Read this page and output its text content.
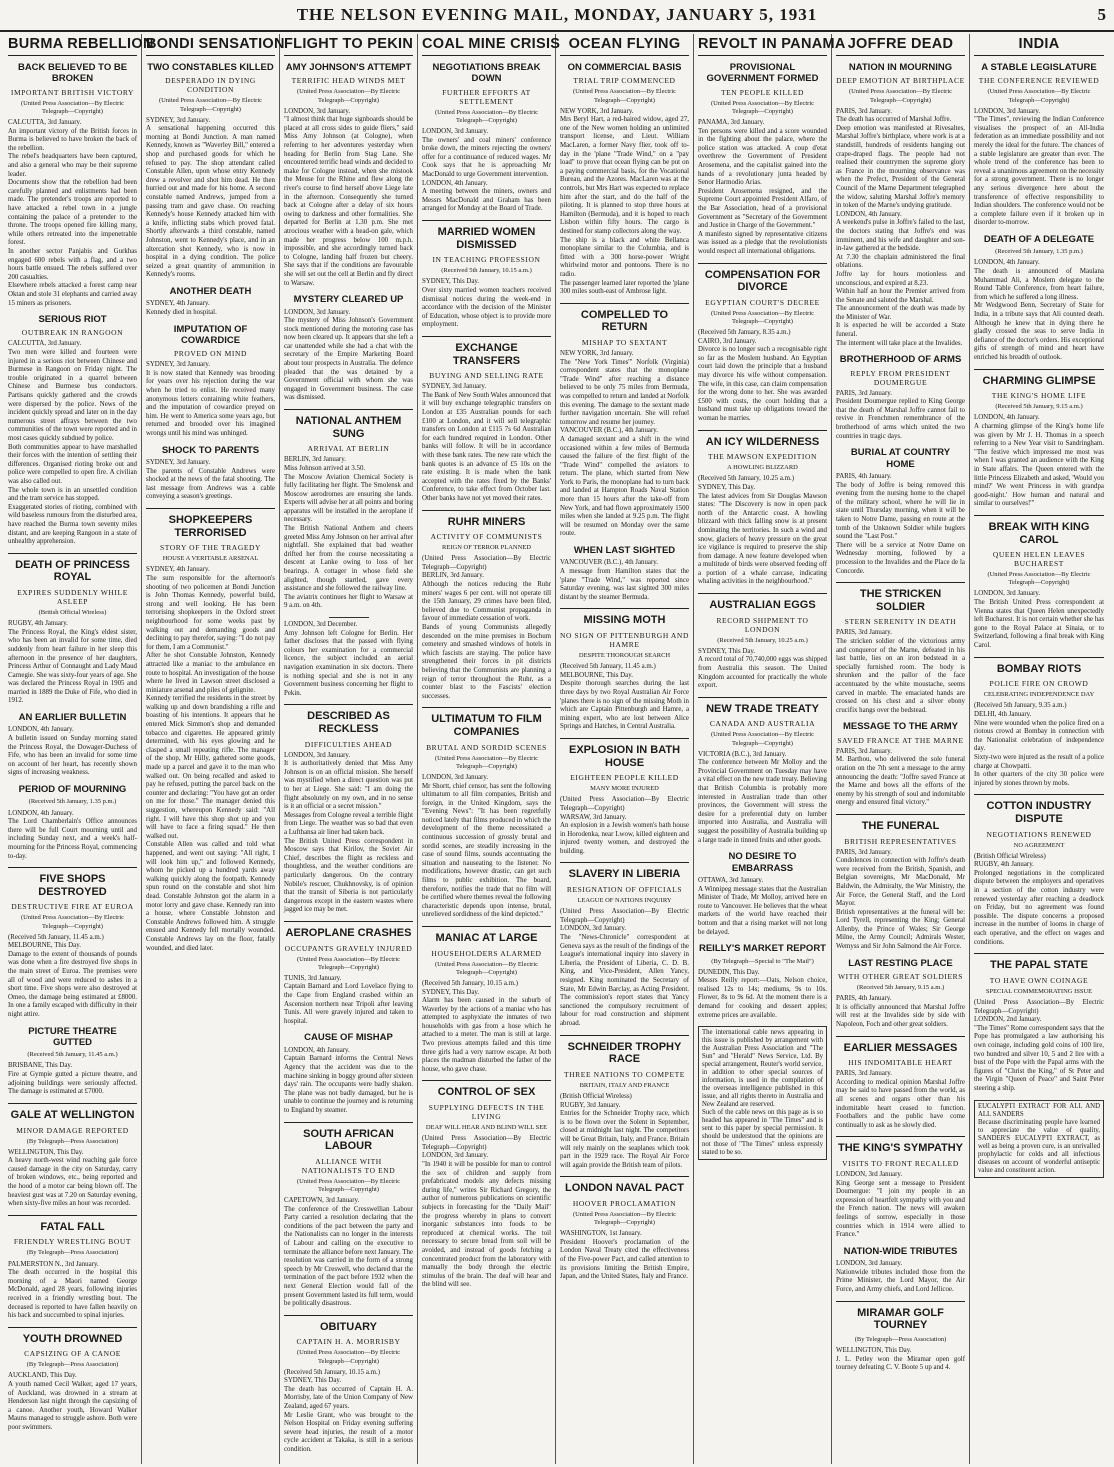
THE NELSON EVENING MAIL, MONDAY, JANUARY 5, 1931	5
BURMA REBELLION
BACK BELIEVED TO BE BROKEN
IMPORTANT BRITISH VICTORY
(United Press Association—By Electric Telegraph—Copyright)

CALCUTTA, 3rd January.
An important victory of the British forces in Burma is believed to have broken the back of the rebellion.
The rebel's headquarters have been captured, and also a general who may be their supreme leader.
Documents show that the rebellion had been carefully planned and enlistments had been made. The pretender's troops are reported to have attacked a rebel town in a jungle containing the palace of a pretender to the throne. The troops opened fire killing many, while others retreated into the impenetrable forest.
In another sector Panjabis and Gurkhas engaged 600 rebels with a flag, and a two hours battle ensued. The rebels suffered over 200 casualties.
Elsewhere rebels attacked a forest camp near Oktan and stole 31 elephants and carried away 15 miners as prisoners.

SERIOUS RIOT
OUTBREAK IN RANGOON

CALCUTTA, 3rd January.
Two men were killed and fourteen were injured in a serious riot between Chinese and Burmese in Rangoon on Friday night. The trouble originated in a quarrel between Chinese and Burmese bus conductors. Partisans quickly gathered and the crowds were dispersed by the police. News of the incident quickly spread and later on in the day numerous street affrays between the two communities of the town were reported and in most cases quickly subdued by police.
Both communities appear to have marshalled their forces with the intention of settling their differences. Organised rioting broke out and police were compelled to open fire. A civilian was also called out.
The whole town is in an unsettled condition and the tram service has stopped.
Exaggerated stories of rioting, combined with wild baseless rumours from the disturbed area, have reached the Burma town seventy miles distant, and are keeping Rangoon in a state of unhealthy apprehension.

DEATH OF PRINCESS ROYAL
EXPIRES SUDDENLY WHILE ASLEEP
(British Official Wireless)

RUGBY, 4th January.
The Princess Royal, the King's eldest sister, who has been an invalid for some time, died suddenly from heart failure in her sleep this afternoon in the presence of her daughters, Princess Arthur of Connaught and Lady Maud Carnegie. She was sixty-four years of age. She was declared the Princess Royal in 1905 and married in 1889 the Duke of Fife, who died in 1912.

AN EARLIER BULLETIN

LONDON, 4th January.
A bulletin issued on Sunday morning stated the Princess Royal, the Dowager-Duchess of Fife, who has been an invalid for some time on account of her heart, has recently shown signs of increasing weakness.

PERIOD OF MOURNING
(Received 5th January, 1.35 p.m.)

LONDON, 4th January.
The Lord Chamberlain's Office announces there will be full Court mourning until and including Sunday next, and a week's half-mourning for the Princess Royal, commencing to-day.

FIVE SHOPS DESTROYED
DESTRUCTIVE FIRE AT EUROA
(United Press Association—By Electric Telegraph—Copyright)

(Received 5th January, 11.45 a.m.)
MELBOURNE, This Day.
Damage to the extent of thousands of pounds was done when a fire destroyed five shops in the main street of Euroa. The premises were all of wood and were reduced to ashes in a short time. Five shops were also destroyed at Omeo, the damage being estimated at £8000. In one a family escaped with difficulty in their night attire.

PICTURE THEATRE GUTTED
(Received 5th January, 11.45 a.m.)

BRISBANE, This Day.
Fire at Gympie gutted a picture theatre, and adjoining buildings were seriously affected. The damage is estimated at £7000.

GALE AT WELLINGTON
MINOR DAMAGE REPORTED
(By Telegraph—Press Association)

WELLINGTON, This Day.
A heavy north-west wind reaching gale force caused damage in the city on Saturday, carry of broken windows, etc., being reported and the hood of a motor car being blown off. The heaviest gust was at 7.20 on Saturday evening, when sixty-five miles an hour was recorded.

FATAL FALL
FRIENDLY WRESTLING BOUT
(By Telegraph—Press Association)

PALMERSTON N., 3rd January.
The death occurred in the hospital this morning of a Maori named George McDonald, aged 28 years, following injuries received in a friendly wrestling bout. The deceased is reported to have fallen heavily on his back and succumbed to spinal injuries.

YOUTH DROWNED
CAPSIZING OF A CANOE
(By Telegraph—Press Association)

AUCKLAND, This Day.
A youth named Cecil Walker, aged 17 years, of Auckland, was drowned in a stream at Henderson last night through the capsizing of a canoe. Another youth, Howard Walker Mauns managed to struggle ashore. Both were poor swimmers.

BONDI SENSATION
TWO CONSTABLES KILLED
DESPERADO IN DYING CONDITION
(United Press Association—By Electric Telegraph—Copyright)

SYDNEY, 3rd January.
A sensational happening occurred this morning at Bondi Junction. A man named Kennedy, known as "Waverley Bill," entered a shop and purchased goods for which he refused to pay. The shop attendant called Constable Allen, upon whose entry Kennedy drew a revolver and shot him dead. He then hurried out and made for his home. A second constable named Andrews, jumped from a passing tram and gave chase. On reaching Kennedy's house Kennedy attacked him with a knife, inflicting stabs which proved fatal. Shortly afterwards a third constable, named Johnston, went to Kennedy's place, and in an altercation shot Kennedy, who is now in hospital in a dying condition. The police seized a great quantity of ammunition in Kennedy's rooms.

ANOTHER DEATH

SYDNEY, 4th January.
Kennedy died in hospital.

IMPUTATION OF COWARDICE
PROVED ON MIND

SYDNEY, 3rd January.
It is now stated that Kennedy was brooding for years over his rejection during the war when he tried to enlist. He received many anonymous letters containing white feathers, and the imputation of cowardice preyed on him. He went to America some years ago, but returned and brooded over his imagined wrongs until his mind was unhinged.

SHOCK TO PARENTS

SYDNEY, 3rd January.
The parents of Constable Andrews were shocked at the news of the fatal shooting. The last message from Andrews was a cable conveying a season's greetings.

SHOPKEEPERS TERRORISED
STORY OF THE TRAGEDY
HOUSE A VERITABLE ARSENAL

SYDNEY, 4th January.
The sum responsible for the afternoon's shooting of two policemen at Bondi Junction is John Thomas Kennedy, powerful build, strong and well looking. He has been terrorising shopkeepers in the Oxford street neighbourhood for some weeks past by walking out and demanding goods and declining to pay therefor, saying: "I do not pay for them, I am a Communist."
After he shot Constable Johnston, Kennedy attracted like a maniac to the ambulance en route to hospital. An investigation of the house where he lived in Lawson street disclosed a miniature arsenal and piles of gelignite.
Kennedy terrified the residents in the street by walking up and down brandishing a rifle and boasting of his intentions. It appears that he entered Mick Simmon's shop and demanded tobacco and cigarettes. He appeared grimly determined, with his eyes glowing and he clasped a small repeating rifle. The manager of the shop, Mr Hilly, gathered some goods, made up a parcel and gave it to the man who walked out. On being recalled and asked to pay he refused, putting the parcel back on the counter and declaring: "You have got an order on me for those." The manager denied this suggestion, whereupon Kennedy said: "All right. I will have this shop shot up and you will have to face a firing squad." He then walked out.
Constable Allen was called and told what happened, and went out saying: "All right, I will look him up," and followed Kennedy, whom he picked up a hundred yards away walking quickly along the footpath. Kennedy spun round on the constable and shot him dead. Constable Johnston got the alarm in a motor lorry and gave chase. Kennedy ran into a house, where Constable Johnston and Constable Andrews followed him. A struggle ensued and Kennedy fell mortally wounded. Constable Andrews lay on the floor, fatally wounded, and died later.

FLIGHT TO PEKIN
AMY JOHNSON'S ATTEMPT
TERRIFIC HEAD WINDS MET
(United Press Association—By Electric Telegraph—Copyright)

LONDON, 3rd January.
"I almost think that huge signboards should be placed at all cross sides to guide fliers," said Miss Amy Johnson (at Cologne), when referring to her adventures yesterday when heading for Berlin from Stag Lane. She encountered terrific head winds and decided to make for Cologne instead, when she mistook the Meuse for the Rhine and flew along the river's course to find herself above Liege late in the afternoon. Consequently she turned back at Cologne after a delay of six hours owing to darkness and other formalities. She departed for Berlin at 1.30 p.m. She met atrocious weather with a head-on gale, which made her progress below 100 m.p.h. impossible, and she accordingly turned back to Cologne, landing half frozen but cheery. She says that if the conditions are favourable she will set out the cell at Berlin and fly direct to Warsaw.

MYSTERY CLEARED UP

LONDON, 3rd January.
The mystery of Miss Johnson's Government stock mentioned during the motoring case has now been cleared up. It appears that she left a car unattended while she had a chat with the secretary of the Empire Marketing Board about tour prospects in Australia. The defence pleaded that the was detained by a Government official with whom she was engaged in Government business. The case was dismissed.

NATIONAL ANTHEM SUNG
ARRIVAL AT BERLIN

BERLIN, 3rd January.
Miss Johnson arrived at 3.50.
The Moscow Aviation Chemical Society is fully facilitating her flight. The Smolensk and Moscow aerodromes are ensuring she lands. Experts will advise her at all points and boring apparatus will be installed in the aeroplane if necessary.
The British National Anthem and cheers greeted Miss Amy Johnson on her arrival after nightfall. She explained that bad weather drifted her from the course necessitating a descent at Lanke owing to loss of her bearings. A cottager in whose field she alighted, though startled, gave every assistance and she followed the railway line.
The aviatrix continues her flight to Warsaw at 9 a.m. on 4th.

LONDON, 3rd December.
Amy Johnson left Cologne for Berlin. Her father discloses that the passed with flying colours her examination for a commercial licence, the subject included an aerial navigation examination in six doctors. There is nothing special and she is not in any Government business concerning her flight to Pekin.

DESCRIBED AS RECKLESS
DIFFICULTIES AHEAD

LONDON, 3rd January.
It is authoritatively denied that Miss Amy Johnson is on an official mission. She herself was mystified when a direct question was put to her at Liege. She said: "I am doing the flight absolutely on my own, and in no sense is it an official or a secret mission."
Messages from Cologne reveal a terrible flight from Liege. The weather was so bad that even a Lufthansa air liner had taken back.
The British United Press correspondent in Moscow says that Kirilov, the Soviet Air Chief, describes the flight as reckless and thoughtless, and the weather conditions are particularly dangerous. On the contrary Nobile's rescuer, Chukhnovsky, is of opinion that the transit of Siberia is not particularly dangerous except in the eastern wastes where jagged ice may be met.

AEROPLANE CRASHES
OCCUPANTS GRAVELY INJURED
(United Press Association—By Electric Telegraph—Copyright)

TUNIS, 3rd January.
Captain Barnard and Lord Lovelace flying to the Cape from England crashed within an Ascension northern near Tripoli after leaving Tunis. All were gravely injured and taken to hospital.

CAUSE OF MISHAP

LONDON, 4th January.
Captain Barnard informs the Central News Agency that the accident was due to the machine sinking in boggy ground after sixteen days' rain. The occupants were badly shaken. The plane was not badly damaged, but he is unable to continue the journey and is returning to England by steamer.

SOUTH AFRICAN LABOUR
ALLIANCE WITH NATIONALISTS TO END
(United Press Association—By Electric Telegraph—Copyright)

CAPETOWN, 3rd January.
The conference of the Cresswellian Labour Party carried a resolution declaring that the conditions of the pact between the party and the Nationalists can no longer in the interests of Labour and calling on the executive to terminate the alliance before next January. The resolution was carried in the form of a strong speech by Mr Creswell, who declared that the termination of the pact before 1932 when the next General Election would fall of the present Government lasted its full term, would be politically disastrous.

OBITUARY
CAPTAIN H. A. MORRISBY
(United Press Association—By Electric Telegraph—Copyright)

(Received 5th January, 10.15 a.m.)
SYDNEY, This Day.
The death has occurred of Captain H. A. Morrisby, late of the Union Company of New Zealand, aged 67 years.
Mr Leslie Grant, who was brought to the Nelson Hospital on Friday evening suffering severe head injuries, the result of a motor cycle accident at Takaka, is still in a serious condition.

COAL MINE CRISIS
NEGOTIATIONS BREAK DOWN
FURTHER EFFORTS AT SETTLEMENT
(United Press Association—By Electric Telegraph—Copyright)

LONDON, 3rd January.
The owners' and coal miners' conference broke down, the miners rejecting the owners' offer for a continuance of reduced wages. Mr Cook says that he is approaching Mr MacDonald to urge Government intervention.
LONDON, 4th January.
A meeting between the miners, owners and Messrs MacDonald and Graham has been arranged for Monday at the Board of Trade.

MARRIED WOMEN DISMISSED
IN TEACHING PROFESSION
(Received 5th January, 10.15 a.m.)

SYDNEY, This Day.
Over sixty married women teachers received dismissal notices during the week-end in accordance with the decision of the Minister of Education, whose object is to provide more employment.

EXCHANGE TRANSFERS
BUYING AND SELLING RATE

SYDNEY, 3rd January.
The Bank of New South Wales announced that it will buy exchange telegraphic transfers on London at £35 Australian pounds for each £100 at London, and it will sell telegraphic transfers on London at £115 7s 6d Australian for each hundred required in London. Other banks will follow. It will be in accordance with these bank rates. The new rate which the bank quotes is an advance of £5 10s on the rate existing. It is made when the bank accepted with the rates fixed by the Banks' Conference, to take effect from October last. Other banks have not yet moved their rates.

RUHR MINERS
ACTIVITY OF COMMUNISTS
REIGN OF TERROR PLANNED

(United Press Association—By Electric Telegraph—Copyright)
BERLIN, 3rd January.
Although the notices reducing the Ruhr miners' wages 6 per cent. will not operate till the 15th January, 29 crimes have been filed, believed due to Communist propaganda in favour of immediate cessation of work.
Bands of young Communists allegedly descended on the mine premises in Bochum cemetery and smashed windows of hotels in which fascists are staying. The police have strengthened their forces in pit districts believing that the Communists are planning a reign of terror throughout the Ruhr, as a counter blast to the Fascists' election successes.

ULTIMATUM TO FILM COMPANIES
BRUTAL AND SORDID SCENES
(United Press Association—By Electric Telegraph—Copyright)

LONDON, 3rd January.
Mr Shortt, chief censor, has sent the following ultimatum to all film companies, British and foreign, in the United Kingdom, says the "Evening News": "It has been regretfully noticed lately that films produced in which the development of the theme necessitated a continuous succession of grossly brutal and sordid scenes, are steadily increasing in the case of sound films, sounds accentuating the situation and nauseating to the listener. No modifications, however drastic, can get such films to public exhibition. The board, therefore, notifies the trade that no film will be certified where themes reveal the following characteristic depends upon intense, brutal, unrelieved sordidness of the kind depicted."

MANIAC AT LARGE
HOUSEHOLDERS ALARMED
(United Press Association—By Electric Telegraph—Copyright)

(Received 5th January, 10.15 a.m.)
SYDNEY, This Day.
Alarm has been caused in the suburb of Waverley by the actions of a maniac who has attempted to asphyxiate the inmates of two households with gas from a hose which he attached to a meter. The man is still at large. Two previous attempts failed and this time three girls had a very narrow escape. At both places the madman disturbed the father of the house, who gave chase.

CONTROL OF SEX
SUPPLYING DEFECTS IN THE LIVING
DEAF WILL HEAR AND BLIND WILL SEE

(United Press Association—By Electric Telegraph—Copyright)
LONDON, 3rd January.
"In 1940 it will be possible for man to control the sex of children and supply from prefabricated models any defects missing during life," writes Sir Richard Gregory, the author of numerous publications on scientific subjects in forecasting for the "Daily Mail" the progress whereby in plans to convert inorganic substances into foods to be reproduced at chemical works. The toil necessary to secure bread from soil will be avoided, and instead of goods fetching a concentrated product from the laboratory with manually the body through the electric stimulus of the brain. The deaf will hear and the blind will see.

OCEAN FLYING
ON COMMERCIAL BASIS
TRIAL TRIP COMMENCED
(United Press Association—By Electric Telegraph—Copyright)

NEW YORK, 3rd January.
Mrs Beryl Hart, a red-haired widow, aged 27, one of the New women holding an unlimited transport license, and Lieut. William MacLaren, a former Navy flier, took off to-day in the 'plane "Trade Wind," on a "pay load" to prove that ocean flying can be put on a paying commercial basis, for the Vocational Bureau, and the Azores. MacLaren was at the controls, but Mrs Hart was expected to replace him after the start, and do the half of the piloting. It is planned to stop three hours at Hamilton (Bermuda), and it is hoped to reach Lisbon within fifty hours. The cargo is destined for stamp collectors along the way.
The ship is a black and white Bellanca monoplane similar to the Columbia, and is fitted with a 300 horse-power Wright whirlwind motor and pontoons. There is no radio.
The passenger learned later reported the 'plane 300 miles south-east of Ambrose light.

COMPELLED TO RETURN
MISHAP TO SEXTANT

NEW YORK, 3rd January.
The "New York Times'" Norfolk (Virginia) correspondent states that the monoplane "Trade Wind" after reaching a distance believed to be only 75 miles from Bermuda, was compelled to return and landed at Norfolk this evening. The damage to the sextant made further navigation uncertain. She will refuel tomorrow and resume her journey.
VANCOUVER (B.C.), 4th January.
A damaged sextant and a shift in the wind occasioned within a few miles of Bermuda caused the failure of the first flight of the "Trade Wind" compelled the aviators to return. The plane, which started from New York to Paris, the monoplane had to turn back and landed at Hampton Roads Naval Station more than 15 hours after the take-off from New York, and had flown approximately 1500 miles when she landed at 9.25 p.m. The flight will be resumed on Monday over the same route.

WHEN LAST SIGHTED

VANCOUVER (B.C.), 4th January.
A message from Hamilton states that the 'plane "Trade Wind," was reported since Saturday evening, was last sighted 300 miles distant by the steamer Bermuda.

MISSING MOTH
NO SIGN OF PITTENBURGH AND HAMRE
DESPITE THOROUGH SEARCH

(Received 5th January, 11.45 a.m.)
MELBOURNE, This Day.
Despite thorough searches during the last three days by two Royal Australian Air Force 'planes there is no sign of the missing Moth in which are Captain Pittenburgh and Hamre, a mining expert, who are lost between Alice Springs and Hatches, in Central Australia.

EXPLOSION IN BATH HOUSE
EIGHTEEN PEOPLE KILLED
MANY MORE INJURED

(United Press Association—By Electric Telegraph—Copyright)
WARSAW, 3rd January.
An explosion in a Jewish women's bath house in Horodenka, near Lwow, killed eighteen and injured twenty women, and destroyed the building.

SLAVERY IN LIBERIA
RESIGNATION OF OFFICIALS
LEAGUE OF NATIONS INQUIRY

(United Press Association—By Electric Telegraph—Copyright)
LONDON, 3rd January.
The "News-Chronicle" correspondent at Geneva says as the result of the findings of the League's international inquiry into slavery in Liberia, the President of Liberia, C. D. B. King, and Vice-President, Allen Yancy, resigned. King nominated the Secretary of State, Mr Edwin Barclay, as Acting President. The commission's report states that Yancy sanctioned the compulsory recruitment of labour for road construction and shipment abroad.

SCHNEIDER TROPHY RACE
THREE NATIONS TO COMPETE
BRITAIN, ITALY AND FRANCE

(British Official Wireless)
RUGBY, 3rd January.
Entries for the Schneider Trophy race, which is to be flown over the Solent in September, closed at midnight last night. The competitors will be Great Britain, Italy, and France. Britain will rely mainly on the seaplanes which took part in the 1929 race. The Royal Air Force will again provide the British team of pilots.

LONDON NAVAL PACT
HOOVER PROCLAMATION
(United Press Association—By Electric Telegraph—Copyright)

WASHINGTON, 1st January.
President Hoover's proclamation of the London Naval Treaty cited the effectiveness of the Five-power Pact, and called attention to its provisions limiting the British Empire, Japan, and the United States, Italy and France.

REVOLT IN PANAMA
PROVISIONAL GOVERNMENT FORMED
TEN PEOPLE KILLED
(United Press Association—By Electric Telegraph—Copyright)

PANAMA, 3rd January.
Ten persons were killed and a score wounded in the fighting about the palace, where the police station was attacked. A coup d'etat overthrew the Government of President Arosemena, and the capitalist gained into the hands of a revolutionary junta headed by Senor Harmodio Arias.
President Arosemena resigned, and the Supreme Court appointed President Alfaro, of the Bar Association, head of a provisional Government as "Secretary of the Government and Justice in Charge of the Government."
A manifesto signed by representative citizens was issued as a pledge that the revolutionists would respect all international obligations.

COMPENSATION FOR DIVORCE
EGYPTIAN COURT'S DECREE
(United Press Association—By Electric Telegraph—Copyright)

(Received 5th January, 8.35 a.m.)
CAIRO, 3rd January.
Divorce is no longer such a recognisable right so far as the Moslem husband. An Egyptian court laid down the principle that a husband may divorce his wife without compensation. The wife, in this case, can claim compensation for the wrong done to her. She was awarded £500 with costs, the court holding that a husband must take up obligations toward the woman he marries.

AN ICY WILDERNESS
THE MAWSON EXPEDITION
A HOWLING BLIZZARD

(Received 5th January, 10.25 a.m.)
SYDNEY, This Day.
The latest advices from Sir Douglas Mawson states: "The Discovery is now in open pack north of the Antarctic coast. A howling blizzard with thick falling snow is at present dominating the territories. In such a wind and snow, glaciers of heavy pressure on the great ice vigilance is required to preserve the ship from damage. A new feature developed when a multitude of birds were observed feeding off a portion of a whale carcase, indicating whaling activities in the neighbourhood."

AUSTRALIAN EGGS
RECORD SHIPMENT TO LONDON
(Received 5th January, 10.25 a.m.)

SYDNEY, This Day.
A record total of 70,740,000 eggs was shipped from Australia this season. The United Kingdom accounted for practically the whole export.

NEW TRADE TREATY
CANADA AND AUSTRALIA
(United Press Association—By Electric Telegraph—Copyright)

VICTORIA (B.C.), 3rd January.
The conference between Mr Molloy and the Provincial Government on Tuesday may have a vital effect on the new trade treaty. Believing that British Columbia is probably more interested in Australian trade than other provinces, the Government will stress the desire for a preferential duty on lumber imported into Australia, and Australia will suggest the possibility of Australia building up a large trade in tinned fruits and other goods.

NO DESIRE TO EMBARRASS

OTTAWA, 3rd January.
A Winnipeg message states that the Australian Minister of Trade, Mr Molloy, arrived here en route to Vancouver. He believes that the wheat markets of the world have reached their bottom and that a rising market will not long be delayed.

REILLY'S MARKET REPORT
(By Telegraph—Special to "The Mail")

DUNEDIN, This Day.
Messrs Reilly report:—Oats, Nelson choice, realised 12s to 14s; mediums, 9s to 10s. Flower, 8s to 9s 6d. At the moment there is a demand for cooking and dessert apples; extreme prices are available.

The international cable news appearing in this issue is published by arrangement with the Australian Press Association and "The Sun" and "Herald" News Service, Ltd. By special arrangement, Reuter's world service, in addition to other special sources of information, is used in the compilation of the overseas intelligence published in this issue, and all rights thereto in Australia and New Zealand are reserved.
Such of the cable news on this page as is so headed has appeared in "The Times" and is sent to this paper by special permission. It should be understood that the opinions are not those of "The Times" unless expressly stated to be so.
JOFFRE DEAD
NATION IN MOURNING
DEEP EMOTION AT BIRTHPLACE
(United Press Association—By Electric Telegraph—Copyright)

PARIS, 3rd January.
The death has occurred of Marshal Joffre.
Deep emotion was manifested at Rivesaltes, Marshal Joffre's birthplace, where work is at a standstill, hundreds of residents hanging out crape-draped flags. The people had not realised their countrymen the supreme glory as France in the mourning observance was when the Prefect, President of the General Council of the Marne Department telegraphed the widow, saluting Marshal Joffre's memory in token of the Marne's undying gratitude.
LONDON, 4th January.
A weekend's pulse in Joffre's failed to the last, the doctors stating that Joffre's end was imminent, and his wife and daughter and son-in-law gathered at the bedside.
At 7.30 the chaplain administered the final oblations.
Joffre lay for hours motionless and unconscious, and expired at 8.23.
Within half an hour the Premier arrived from the Senate and saluted the Marshal.
The announcement of the death was made by the Minister of War.
It is expected he will be accorded a State funeral.
The interment will take place at the Invalides.

BROTHERHOOD OF ARMS
REPLY FROM PRESIDENT DOUMERGUE

PARIS, 3rd January.
President Doumergue replied to King George that the death of Marshal Joffre cannot fail to revive in Frenchmen remembrance of the brotherhood of arms which united the two countries in tragic days.

BURIAL AT COUNTRY HOME

PARIS, 4th January.
The body of Joffre is being removed this evening from the nursing home to the chapel of the military school, where he will lie in state until Thursday morning, when it will be taken to Notre Dame, passing en route at the tomb of the Unknown Soldier while buglers sound the "Last Post."
There will be a service at Notre Dame on Wednesday morning, followed by a procession to the Invalides and the Place de la Concorde.

THE STRICKEN SOLDIER
STERN SERENITY IN DEATH

PARIS, 3rd January.
The stricken soldier of the victorious army and conqueror of the Marne, defeated in his last battle, lies on an iron bedstead in a specially furnished room. The body is shrunken and the pallor of the face accentuated by the white moustache, seems carved in marble. The emaciated hands are crossed on his chest and a silver ebony crucifix hangs over the bedstead.

MESSAGE TO THE ARMY
SAVED FRANCE AT THE MARNE

PARIS, 3rd January.
M. Barthou, who delivered the sole funeral oration on the 7th sent a message to the army announcing the death: "Joffre saved France at the Marne and bows all the efforts of the enemy by his strength of soul and indomitable energy and ensured final victory."

THE FUNERAL
BRITISH REPRESENTATIVES

PARIS, 3rd January.
Condolences in connection with Joffre's death were received from the British, Spanish, and Belgian sovereigns, Mr MacDonald, Mr Baldwin, the Admiralty, the War Ministry, the Air Force, the General Staff, and the Lord Mayor.
British representatives at the funeral will be: Lord Tyrell, representing the King; General Allenby, the Prince of Wales; Sir George Milne, the Army Council; Admirals Wester, Wemyss and Sir John Salmond the Air Force.

LAST RESTING PLACE
WITH OTHER GREAT SOLDIERS
(Received 5th January, 9.15 a.m.)

PARIS, 4th January.
It is officially announced that Marshal Joffre will rest at the Invalides side by side with Napoleon, Foch and other great soldiers.

EARLIER MESSAGES
HIS INDOMITABLE HEART

PARIS, 3rd January.
According to medical opinion Marshal Joffre may be said to have passed from the world, as all scenes and organs other than his indomitable heart ceased to function. Footballers and the public have come continually to ask as he slowly died.

THE KING'S SYMPATHY
VISITS TO FRONT RECALLED

LONDON, 3rd January.
King George sent a message to President Doumergue: "I join my people in an expression of heartfelt sympathy with you and the French nation. The news will awaken feelings of sorrow, especially in those countries which in 1914 were allied to France."

NATION-WIDE TRIBUTES

LONDON, 3rd January.
Nationwide tributes included those from the Prime Minister, the Lord Mayor, the Air Force, and Army chiefs, and Lord Jellicoe.

MIRAMAR GOLF TOURNEY
(By Telegraph—Press Association)

WELLINGTON, This Day.
J. L. Petley won the Miramar open golf tourney defeating C. V. Boote 5 up and 4.

INDIA
A STABLE LEGISLATURE
THE CONFERENCE REVIEWED
(United Press Association—By Electric Telegraph—Copyright)

LONDON, 3rd January.
"The Times", reviewing the Indian Conference visualises the prospect of an All-India federation as an immediate possibility and not merely the ideal for the future. The chances of a stable legislature are greater than ever. The whole trend of the conference has been to reveal a unanimous agreement on the necessity for a strong government. There is no longer any serious divergence here about the transference of effective responsibility to Indian shoulders. The conference would not be a complete failure even if it broken up in disorder to-morrow.

DEATH OF A DELEGATE
(Received 5th January, 1.35 p.m.)

LONDON, 4th January.
The death is announced of Maulana Muhammad Ali, a Moslem delegate to the Round Table Conference, from heart failure, from which he suffered a long illness.
Mr Wedgwood Benn, Secretary of State for India, in a tribute says that Ali counted death. Although he knew that in dying there he gladly crossed the seas to serve India in defiance of the doctor's orders. His exceptional gifts of strength of mind and heart have enriched his breadth of outlook.

CHARMING GLIMPSE
THE KING'S HOME LIFE
(Received 5th January, 9.15 a.m.)

LONDON, 4th January.
A charming glimpse of the King's home life was given by Mr J. H. Thomas in a speech referring to a New Year visit to Sandringham. "The festive which impressed me most was when I was granted an audience with the King in State affairs. The Queen entered with the little Princess Elizabeth and asked, 'Would you mind?' We went Princess in with grandpa good-night.' How human and natural and similar to ourselves!'"

BREAK WITH KING CAROL
QUEEN HELEN LEAVES BUCHAREST
(United Press Association—By Electric Telegraph—Copyright)

LONDON, 3rd January.
The British United Press correspondent at Vienna states that Queen Helen unexpectedly left Bucharest. It is not certain whether she has gone to the Royal Palace at Sinaia, or to Switzerland, following a final break with King Carol.

BOMBAY RIOTS
POLICE FIRE ON CROWD
CELEBRATING INDEPENDENCE DAY

(Received 5th January, 9.35 a.m.)
DELHI, 4th January.
Nine were wounded when the police fired on a riotous crowd at Bombay in connection with the Nationalist celebration of independence day.
Sixty-two were injured as the result of a police charge at Chowpatti.
In other quarters of the city 30 police were injured by stones thrown by mobs.

COTTON INDUSTRY DISPUTE
NEGOTIATIONS RENEWED
NO AGREEMENT

(British Official Wireless)
RUGBY, 4th January.
Prolonged negotiations in the complicated dispute between the employers and operatives in a section of the cotton industry were renewed yesterday after reaching a deadlock on Friday, but no agreement was found possible. The dispute concerns a proposed increase in the number of looms in charge of each operative, and the effect on wages and conditions.

THE PAPAL STATE
TO HAVE OWN COINAGE
SPECIAL COMMEMORATING ISSUE

(United Press Association—By Electric Telegraph—Copyright)
LONDON, 2nd January.
"The Times" Rome correspondent says that the Pope has promulgated a law authorising his own coinage, including gold coins of 100 lire, two hundred and silver 10, 5 and 2 lire with a bust of the Pope with the Papal arms with the figures of "Christ the King," of St Peter and the Virgin "Queen of Peace" and Saint Peter steering a ship.

EUCALYPTI EXTRACT FOR ALL AND ALL SANDERS
Because discriminating people have learned to appreciate the value of quality, SANDER'S EUCALYPTI EXTRACT, as well as being a proven cure, is an unrivalled prophylactic for colds and all infectious diseases on account of wonderful antiseptic value and constituent action.
